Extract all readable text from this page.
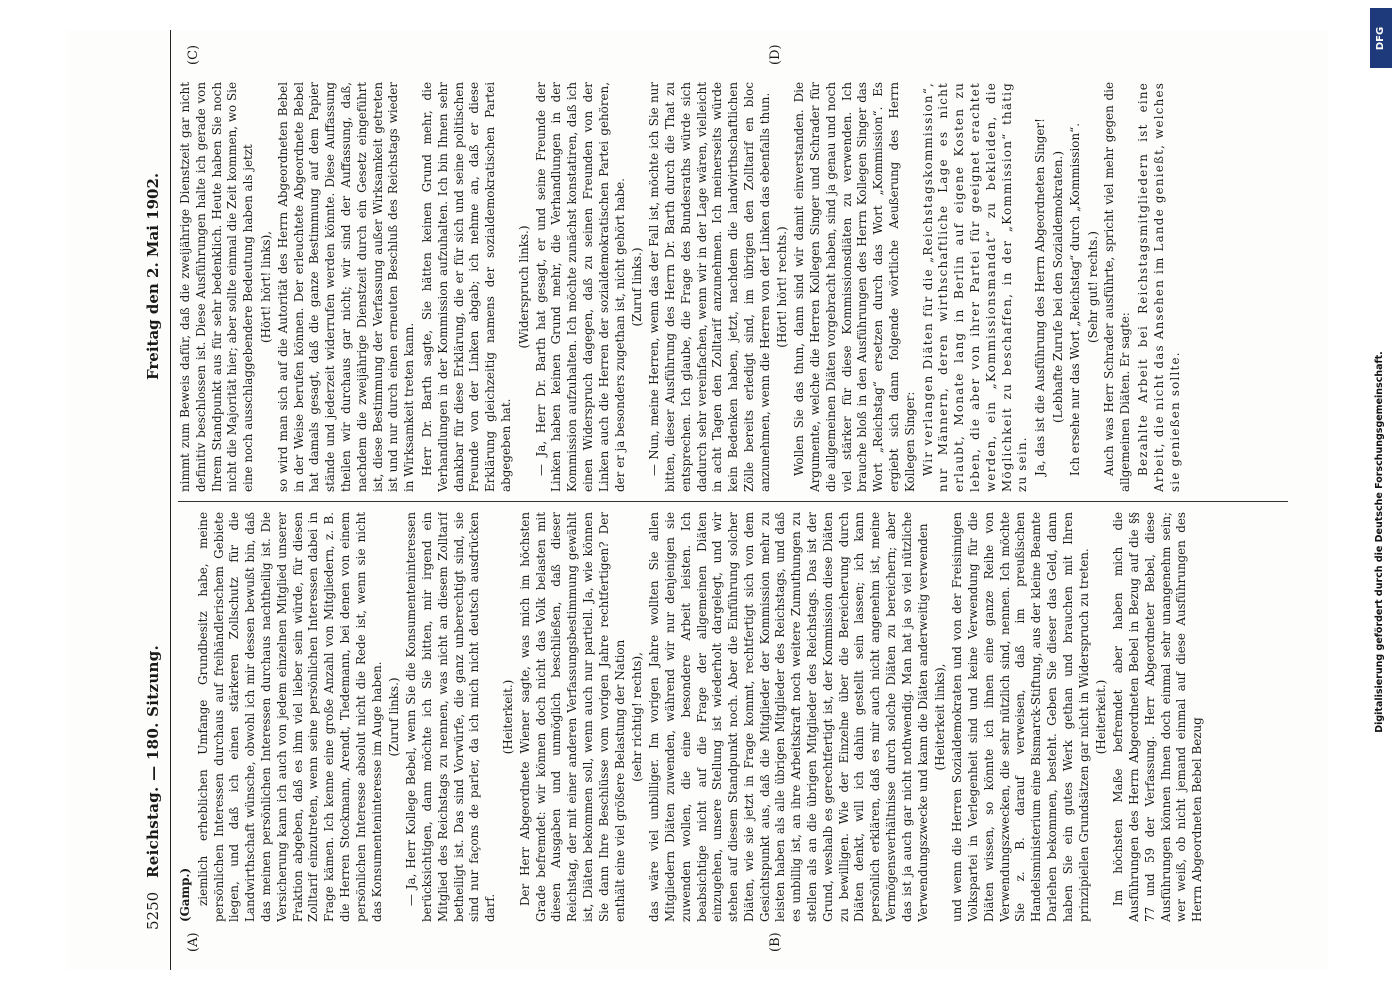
5250
Reichstag. — 180. Sitzung.
Freitag den 2. Mai 1902.
(A)	(B)
(C)	(D)

(Gamp.) ziemlich erheblichen Umfange Grundbesitz habe, meine persönlichen Interessen durchaus auf freihändlerischem Gebiete liegen, und daß ich einen stärkeren Zollschutz für die Landwirthschaft wünsche, obwohl ich mir dessen bewußt bin, daß das meinen persönlichen Interessen durchaus nachtheilig ist. Die Versicherung kann ich auch von jedem einzelnen Mitglied unserer Fraktion abgeben, daß es ihm viel lieber sein würde, für diesen Zolltarif einzutreten, wenn seine persönlichen Interessen dabei in Frage kämen. Ich kenne eine große Anzahl von Mitgliedern, z. B. die Herren Stockmann, Arendt, Tiedemann, bei denen von einem persönlichen Interesse absolut nicht die Rede ist, wenn sie nicht das Konsumenteninteresse im Auge haben. (Zuruf links.) — Ja, Herr Kollege Bebel, wenn Sie die Konsumenteninteressen berücksichtigen, dann möchte ich Sie bitten, mir irgend ein Mitglied des Reichstags zu nennen, was nicht an diesem Zolltarif betheiligt ist. Das sind Vorwürfe, die ganz unberechtigt sind, sie sind nur façons de parler, da ich mich nicht deutsch ausdrücken darf.

(Heiterkeit.) Der Herr Abgeordnete Wiener sagte, was mich im höchsten Grade befremdet: wir können doch nicht das Volk belasten mit diesen Ausgaben und unmöglich beschließen, daß dieser Reichstag, der mit einer anderen Verfassungsbestimmung gewählt ist, Diäten bekommen soll, wenn auch nur partiell. Ja, wie können Sie dann Ihre Beschlüsse vom vorigen Jahre rechtfertigen? Der enthält eine viel größere Belastung der Nation (sehr richtig! rechts), das wäre viel unbilliger. Im vorigen Jahre wollten Sie allen Mitgliedern Diäten zuwenden, während wir nur denjenigen sie zuwenden wollen, die eine besondere Arbeit leisten. Ich beabsichtige nicht auf die Frage der allgemeinen Diäten einzugehen, unsere Stellung ist wiederholt dargelegt, und wir stehen auf diesem Standpunkt noch. Aber die Einführung solcher Diäten, wie sie jetzt in Frage kommt, rechtfertigt sich von dem Gesichtspunkt aus, daß die Mitglieder der Kommission mehr zu leisten haben als alle übrigen Mitglieder des Reichstags, und daß es unbillig ist, an ihre Arbeitskraft noch weitere Zumuthungen zu stellen als an die übrigen Mitglieder des Reichstags. Das ist der Grund, weshalb es gerechtfertigt ist, der Kommission diese Diäten zu bewilligen. Wie der Einzelne über die Bereicherung durch Diäten denkt, will ich dahin gestellt sein lassen; ich kann persönlich erklären, daß es mir auch nicht angenehm ist, meine Vermögensverhältnisse durch solche Diäten zu bereichern; aber das ist ja auch gar nicht nothwendig. Man hat ja so viel nützliche Verwendungszwecke und kann die Diäten anderweitig verwenden (Heiterkeit links), und wenn die Herren Sozialdemokraten und von der Freisinnigen Volkspartei in Verlegenheit sind und keine Verwendung für die Diäten wissen, so könnte ich ihnen eine ganze Reihe von Verwendungszwecken, die sehr nützlich sind, nennen. Ich möchte Sie z. B. darauf verweisen, daß im preußischen Handelsministerium eine Bismarck-Stiftung, aus der kleine Beamte Darlehen bekommen, besteht. Geben Sie dieser das Geld, dann haben Sie ein gutes Werk gethan und brauchen mit Ihren prinzipiellen Grundsätzen gar nicht in Widerspruch zu treten. (Heiterkeit.) Im höchsten Maße befremdet aber haben mich die Ausführungen des Herrn Abgeordneten Bebel in Bezug auf die §§ 77 und 59 der Verfassung. Herr Abgeordneter Bebel, diese Ausführungen können Ihnen doch einmal sehr unangenehm sein; wer weiß, ob nicht jemand einmal auf diese Ausführungen des Herrn Abgeordneten Bebel Bezug

nimmt zum Beweis dafür, daß die zweijährige Dienstzeit gar nicht definitiv beschlossen ist. Diese Ausführungen halte ich gerade von Ihrem Standpunkt aus für sehr bedenklich. Heute haben Sie noch nicht die Majorität hier; aber sollte einmal die Zeit kommen, wo Sie eine noch ausschlaggebendere Bedeutung haben als jetzt (Hört! hört! links), so wird man sich auf die Autorität des Herrn Abgeordneten Bebel in der Weise berufen können. Der erleuchtete Abgeordnete Bebel hat damals gesagt, daß die ganze Bestimmung auf dem Papier stände und jederzeit widerrufen werden könnte. Diese Auffassung theilen wir durchaus gar nicht; wir sind der Auffassung, daß, nachdem die zweijährige Dienstzeit durch ein Gesetz eingeführt ist, diese Bestimmung der Verfassung außer Wirksamkeit getreten ist und nur durch einen erneuten Beschluß des Reichstags wieder in Wirksamkeit treten kann. Herr Dr. Barth sagte, Sie hätten keinen Grund mehr, die Verhandlungen in der Kommission aufzuhalten. Ich bin Ihnen sehr dankbar für diese Erklärung, die er für sich und seine politischen Freunde von der Linken abgab; ich nehme an, daß er diese Erklärung gleichzeitig namens der sozialdemokratischen Partei abgegeben hat.

(Widerspruch links.) — Ja, Herr Dr. Barth hat gesagt, er und seine Freunde der Linken haben keinen Grund mehr, die Verhandlungen in der Kommission aufzuhalten. Ich möchte zunächst konstatiren, daß ich einen Widerspruch dagegen, daß zu seinen Freunden von der Linken auch die Herren der sozialdemokratischen Partei gehören, der er ja besonders zugethan ist, nicht gehört habe. (Zuruf links.) — Nun, meine Herren, wenn das der Fall ist, möchte ich Sie nur bitten, dieser Ausführung des Herrn Dr. Barth durch die That zu entsprechen. Ich glaube, die Frage des Bundesraths würde sich dadurch sehr vereinfachen, wenn wir in der Lage wären, vielleicht in acht Tagen den Zolltarif anzunehmen. Ich meinerseits würde kein Bedenken haben, jetzt, nachdem die landwirthschaftlichen Zölle bereits erledigt sind, im übrigen den Zolltarif en bloc anzunehmen, wenn die Herren von der Linken das ebenfalls thun. (Hört! hört! rechts.) Wollen Sie das thun, dann sind wir damit einverstanden. Die Argumente, welche die Herren Kollegen Singer und Schrader für die allgemeinen Diäten vorgebracht haben, sind ja genau und noch viel stärker für diese Kommissionsdiäten zu verwenden. Ich brauche bloß in den Ausführungen des Herrn Kollegen Singer das Wort „Reichstag“ ersetzen durch das Wort „Kommission“. Es ergiebt sich dann folgende wörtliche Aeußerung des Herrn Kollegen Singer: Wir verlangen Diäten für die „Reichstagskommission“, nur Männern, deren wirthschaftliche Lage es nicht erlaubt, Monate lang in Berlin auf eigene Kosten zu leben, die aber von ihrer Partei für geeignet erachtet werden, ein „Kommissionsmandat“ zu bekleiden, die Möglichkeit zu beschaffen, in der „Kommission“ thätig zu sein. Ja, das ist die Ausführung des Herrn Abgeordneten Singer! (Lebhafte Zurufe bei den Sozialdemokraten.) Ich ersehe nur das Wort „Reichstag“ durch „Kommission“. (Sehr gut! rechts.) Auch was Herr Schrader ausführte, spricht viel mehr gegen die allgemeinen Diäten. Er sagte: Bezahlte Arbeit bei Reichstagsmitgliedern ist eine Arbeit, die nicht das Ansehen im Lande genießt, welches sie genießen sollte.

DFG
Digitalisierung gefördert durch die Deutsche Forschungsgemeinschaft.
